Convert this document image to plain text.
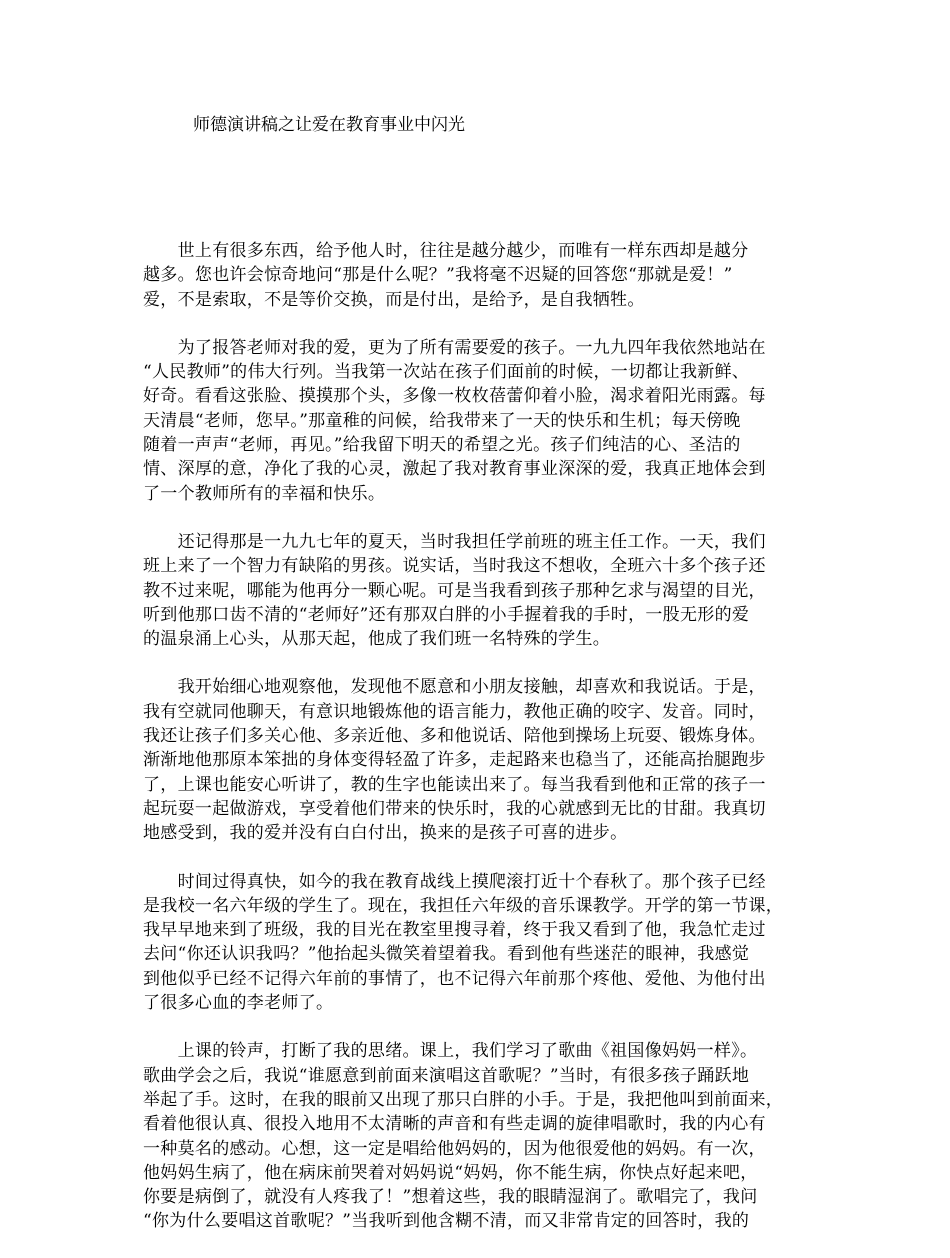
师德演讲稿之让爱在教育事业中闪光

　　世上有很多东西，给予他人时，往往是越分越少，而唯有一样东西却是越分
越多。您也许会惊奇地问“那是什么呢？”我将毫不迟疑的回答您“那就是爱！”
爱，不是索取，不是等价交换，而是付出，是给予，是自我牺牲。

　　为了报答老师对我的爱，更为了所有需要爱的孩子。一九九四年我依然地站在
“人民教师”的伟大行列。当我第一次站在孩子们面前的时候，一切都让我新鲜、
好奇。看看这张脸、摸摸那个头，多像一枚枚蓓蕾仰着小脸，渴求着阳光雨露。每
天清晨“老师，您早。”那童稚的问候，给我带来了一天的快乐和生机；每天傍晚
随着一声声“老师，再见。”给我留下明天的希望之光。孩子们纯洁的心、圣洁的
情、深厚的意，净化了我的心灵，激起了我对教育事业深深的爱，我真正地体会到
了一个教师所有的幸福和快乐。

　　还记得那是一九九七年的夏天，当时我担任学前班的班主任工作。一天，我们
班上来了一个智力有缺陷的男孩。说实话，当时我这不想收，全班六十多个孩子还
教不过来呢，哪能为他再分一颗心呢。可是当我看到孩子那种乞求与渴望的目光，
听到他那口齿不清的“老师好”还有那双白胖的小手握着我的手时，一股无形的爱
的温泉涌上心头，从那天起，他成了我们班一名特殊的学生。

　　我开始细心地观察他，发现他不愿意和小朋友接触，却喜欢和我说话。于是，
我有空就同他聊天，有意识地锻炼他的语言能力，教他正确的咬字、发音。同时，
我还让孩子们多关心他、多亲近他、多和他说话、陪他到操场上玩耍、锻炼身体。
渐渐地他那原本笨拙的身体变得轻盈了许多，走起路来也稳当了，还能高抬腿跑步
了，上课也能安心听讲了，教的生字也能读出来了。每当我看到他和正常的孩子一
起玩耍一起做游戏，享受着他们带来的快乐时，我的心就感到无比的甘甜。我真切
地感受到，我的爱并没有白白付出，换来的是孩子可喜的进步。

　　时间过得真快，如今的我在教育战线上摸爬滚打近十个春秋了。那个孩子已经
是我校一名六年级的学生了。现在，我担任六年级的音乐课教学。开学的第一节课，
我早早地来到了班级，我的目光在教室里搜寻着，终于我又看到了他，我急忙走过
去问“你还认识我吗？”他抬起头微笑着望着我。看到他有些迷茫的眼神，我感觉
到他似乎已经不记得六年前的事情了，也不记得六年前那个疼他、爱他、为他付出
了很多心血的李老师了。

　　上课的铃声，打断了我的思绪。课上，我们学习了歌曲《祖国像妈妈一样》。
歌曲学会之后，我说“谁愿意到前面来演唱这首歌呢？”当时，有很多孩子踊跃地
举起了手。这时，在我的眼前又出现了那只白胖的小手。于是，我把他叫到前面来，
看着他很认真、很投入地用不太清晰的声音和有些走调的旋律唱歌时，我的内心有
一种莫名的感动。心想，这一定是唱给他妈妈的，因为他很爱他的妈妈。有一次，
他妈妈生病了，他在病床前哭着对妈妈说“妈妈，你不能生病，你快点好起来吧，
你要是病倒了，就没有人疼我了！”想着这些，我的眼睛湿润了。歌唱完了，我问
“你为什么要唱这首歌呢？”当我听到他含糊不清，而又非常肯定的回答时，我的
